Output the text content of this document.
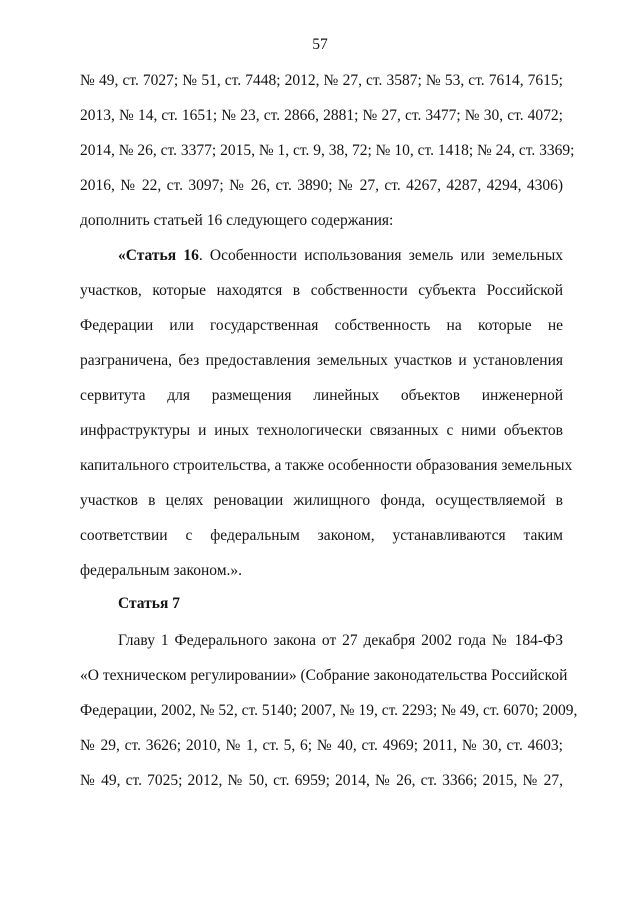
57
№ 49, ст. 7027; № 51, ст. 7448; 2012, № 27, ст. 3587; № 53, ст. 7614, 7615;
2013, № 14, ст. 1651; № 23, ст. 2866, 2881; № 27, ст. 3477; № 30, ст. 4072;
2014, № 26, ст. 3377; 2015, № 1, ст. 9, 38, 72; № 10, ст. 1418; № 24, ст. 3369;
2016, № 22, ст. 3097; № 26, ст. 3890; № 27, ст. 4267, 4287, 4294, 4306)
дополнить статьей 16 следующего содержания:
«Статья 16. Особенности использования земель или земельных
участков, которые находятся в собственности субъекта Российской
Федерации или государственная собственность на которые не
разграничена, без предоставления земельных участков и установления
сервитута для размещения линейных объектов инженерной
инфраструктуры и иных технологически связанных с ними объектов
капитального строительства, а также особенности образования земельных
участков в целях реновации жилищного фонда, осуществляемой в
соответствии с федеральным законом, устанавливаются таким
федеральным законом.».
Статья 7
Главу 1 Федерального закона от 27 декабря 2002 года № 184-ФЗ
«О техническом регулировании» (Собрание законодательства Российской
Федерации, 2002, № 52, ст. 5140; 2007, № 19, ст. 2293; № 49, ст. 6070; 2009,
№ 29, ст. 3626; 2010, № 1, ст. 5, 6; № 40, ст. 4969; 2011, № 30, ст. 4603;
№ 49, ст. 7025; 2012, № 50, ст. 6959; 2014, № 26, ст. 3366; 2015, № 27,
